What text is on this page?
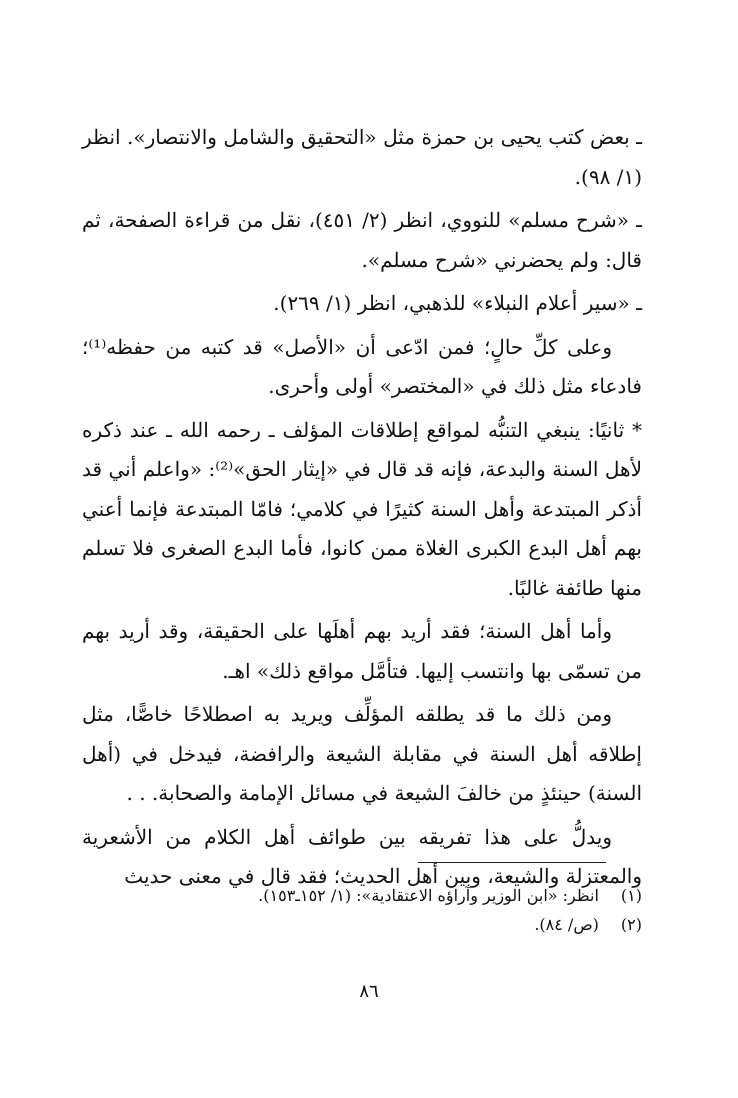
ـ بعض كتب يحيى بن حمزة مثل «التحقيق والشامل والانتصار». انظر (١/ ٩٨).

ـ «شرح مسلم» للنووي، انظر (٢/ ٤٥١)، نقل من قراءة الصفحة، ثم قال: ولم يحضرني «شرح مسلم».

ـ «سير أعلام النبلاء» للذهبي، انظر (١/ ٢٦٩).

وعلى كلِّ حالٍ؛ فمن ادّعى أن «الأصل» قد كتبه من حفظه⁽¹⁾؛ فادعاء مثل ذلك في «المختصر» أولى وأحرى.

* ثانيًا: ينبغي التنبُّه لمواقع إطلاقات المؤلف ـ رحمه الله ـ عند ذكره لأهل السنة والبدعة، فإنه قد قال في «إيثار الحق»⁽²⁾: «واعلم أني قد أذكر المبتدعة وأهل السنة كثيرًا في كلامي؛ فامّا المبتدعة فإنما أعني بهم أهل البدع الكبرى الغلاة ممن كانوا، فأما البدع الصغرى فلا تسلم منها طائفة غالبًا.

وأما أهل السنة؛ فقد أريد بهم أهلَها على الحقيقة، وقد أريد بهم من تسمّى بها وانتسب إليها. فتأمَّل مواقع ذلك» اهـ.

ومن ذلك ما قد يطلقه المؤلِّف ويريد به اصطلاحًا خاصًّا، مثل إطلاقه أهل السنة في مقابلة الشيعة والرافضة، فيدخل في (أهل السنة) حينئذٍ من خالفَ الشيعة في مسائل الإمامة والصحابة. . .

ويدلُّ على هذا تفريقه بين طوائف أهل الكلام من الأشعرية والمعتزلة والشيعة، وبين أهل الحديث؛ فقد قال في معنى حديث

(١) انظر: «ابن الوزير وآراؤه الاعتقادية»: (١/ ١٥٢ـ١٥٣).

(٢) (ص/ ٨٤).

٨٦
